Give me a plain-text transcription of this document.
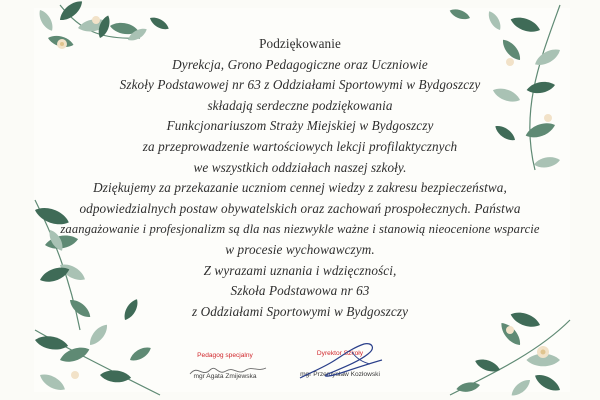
Podziękowanie
Dyrekcja, Grono Pedagogiczne oraz Uczniowie
Szkoły Podstawowej nr 63 z Oddziałami Sportowymi w Bydgoszczy
składają serdeczne podziękowania
Funkcjonariuszom Straży Miejskiej w Bydgoszczy
za przeprowadzenie wartościowych lekcji profilaktycznych
we wszystkich oddziałach naszej szkoły.
Dziękujemy za przekazanie uczniom cennej wiedzy z zakresu bezpieczeństwa,
odpowiedzialnych postaw obywatelskich oraz zachowań prospołecznych. Państwa
zaangażowanie i profesjonalizm są dla nas niezwykle ważne i stanowią nieocenione wsparcie
w procesie wychowawczym.
Z wyrazami uznania i wdzięczności,
Szkoła Podstawowa nr 63
z Oddziałami Sportowymi w Bydgoszczy
Pedagog specjalny
mgr Agata Zmijewska
Dyrektor Szkoły
mgr Przemysław Kozłowski
